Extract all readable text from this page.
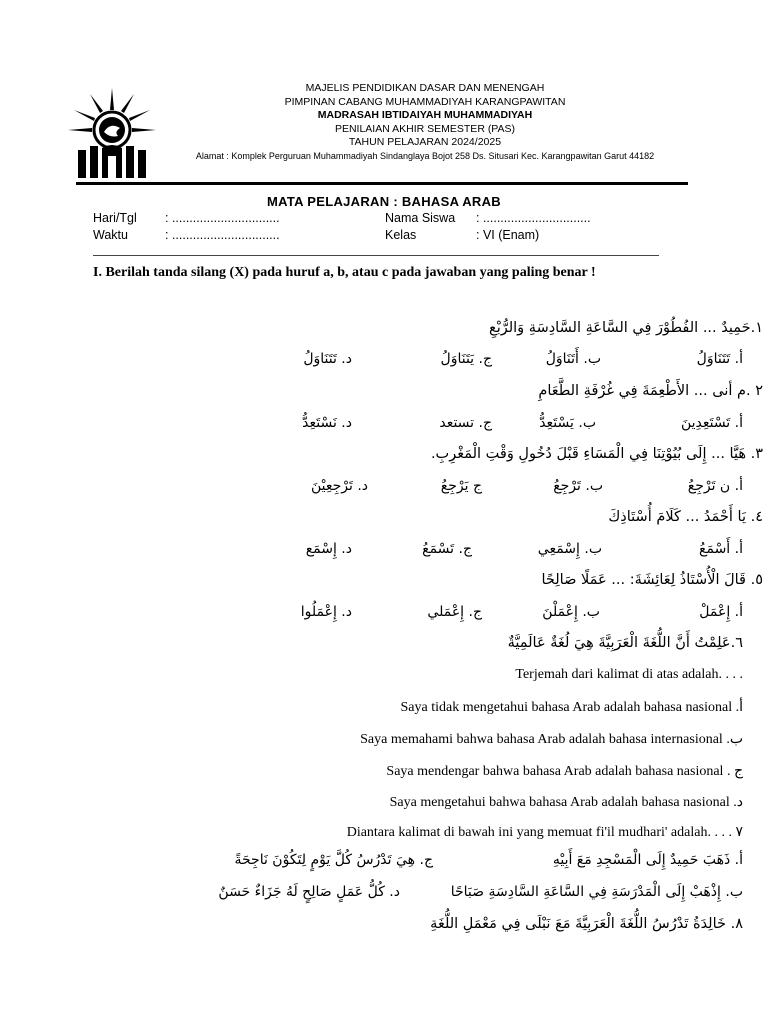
MAJELIS PENDIDIKAN DASAR DAN MENENGAH
PIMPINAN CABANG MUHAMMADIYAH KARANGPAWITAN
MADRASAH IBTIDAIYAH MUHAMMADIYAH
PENILAIAN AKHIR SEMESTER (PAS)
TAHUN PELAJARAN 2024/2025
Alamat : Komplek Perguruan Muhammadiyah Sindanglaya Bojot 258 Ds. Situsari Kec. Karangpawitan Garut 44182
MATA PELAJARAN : BAHASA ARAB
Hari/Tgl : ...............................
Waktu	: ...............................
Nama Siswa : ...............................
Kelas	: VI (Enam)
I. Berilah tanda silang (X) pada huruf a, b, atau c pada jawaban yang paling benar !
١.حَمِيدٌ ... الفُطُوْرَ فِي السَّاعَةِ السَّادِسَةِ وَالرُّبْعِ
أ. تَتَنَاوَلُ
ب. أَتَنَاوَلُ
ج. يَتَنَاوَلُ
د. تَتَنَاوَلُ
٢ .م أنى ... الأَطْعِمَةَ فِي غُرْفَةِ الطَّعَامِ
أ. تَسْتَعِدِينَ
ب. يَسْتَعِدُّ
ج. تستعد
د. نَسْتَعِدُّ
٣. هَيَّا ... إِلَى بُيُوْتِنَا فِي الْمَسَاءِ قَبْلَ دُخُولِ وَقْتِ الْمَغْرِبِ.
أ. ن تَرْجِعُ
ب. تَرْجِعُ
ج يَرْجِعُ
د. تَرْجِعِيْنَ
٤. يَا أَحْمَدُ ... كَلَامَ أُسْتَاذِكَ
أ. أَسْمَعُ
ب. إِسْمَعِي
ج. تَسْمَعُ
د. إِسْمَع
٥. قَالَ الْأُسْتَاذُ لِعَائِشَةَ: ... عَمَلًا صَالِحًا
أ. إِعْمَلْ
ب. إِعْمَلْنَ
ج. إِعْمَلي
د. إِعْمَلُوا
٦.عَلِمْتُ أَنَّ اللُّغَةَ الْعَرَبِيَّةَ هِيَ لُغَةٌ عَالَمِيَّةٌ
Terjemah dari kalimat di atas adalah. . . .
Saya tidak mengetahui bahasa Arab adalah bahasa nasional .أ
Saya memahami bahwa bahasa Arab adalah bahasa internasional .ب
Saya mendengar bahwa bahasa Arab adalah bahasa nasional . ج
Saya mengetahui bahwa bahasa Arab adalah bahasa nasional .د
Diantara kalimat di bawah ini yang memuat fi'il mudhari' adalah. . . . ٧
أ. ذَهَبَ حَمِيدٌ إِلَى الْمَسْجِدِ مَعَ أَبِيْهِ
ج. هِيَ تَدْرُسُ كُلَّ يَوْمٍ لِتَكُوْنَ نَاجِحَةً
ب. إِذْهَبْ إِلَى الْمَدْرَسَةِ فِي السَّاعَةِ السَّادِسَةِ صَبَاحًا
د. كُلُّ عَمَلٍ صَالِحٍ لَهُ جَزَاءٌ حَسَنٌ
٨. خَالِدَةُ تَدْرُسُ اللُّغَةَ الْعَرَبِيَّةَ مَعَ نَبْلَى فِي مَعْمَلِ اللُّغَةِ
